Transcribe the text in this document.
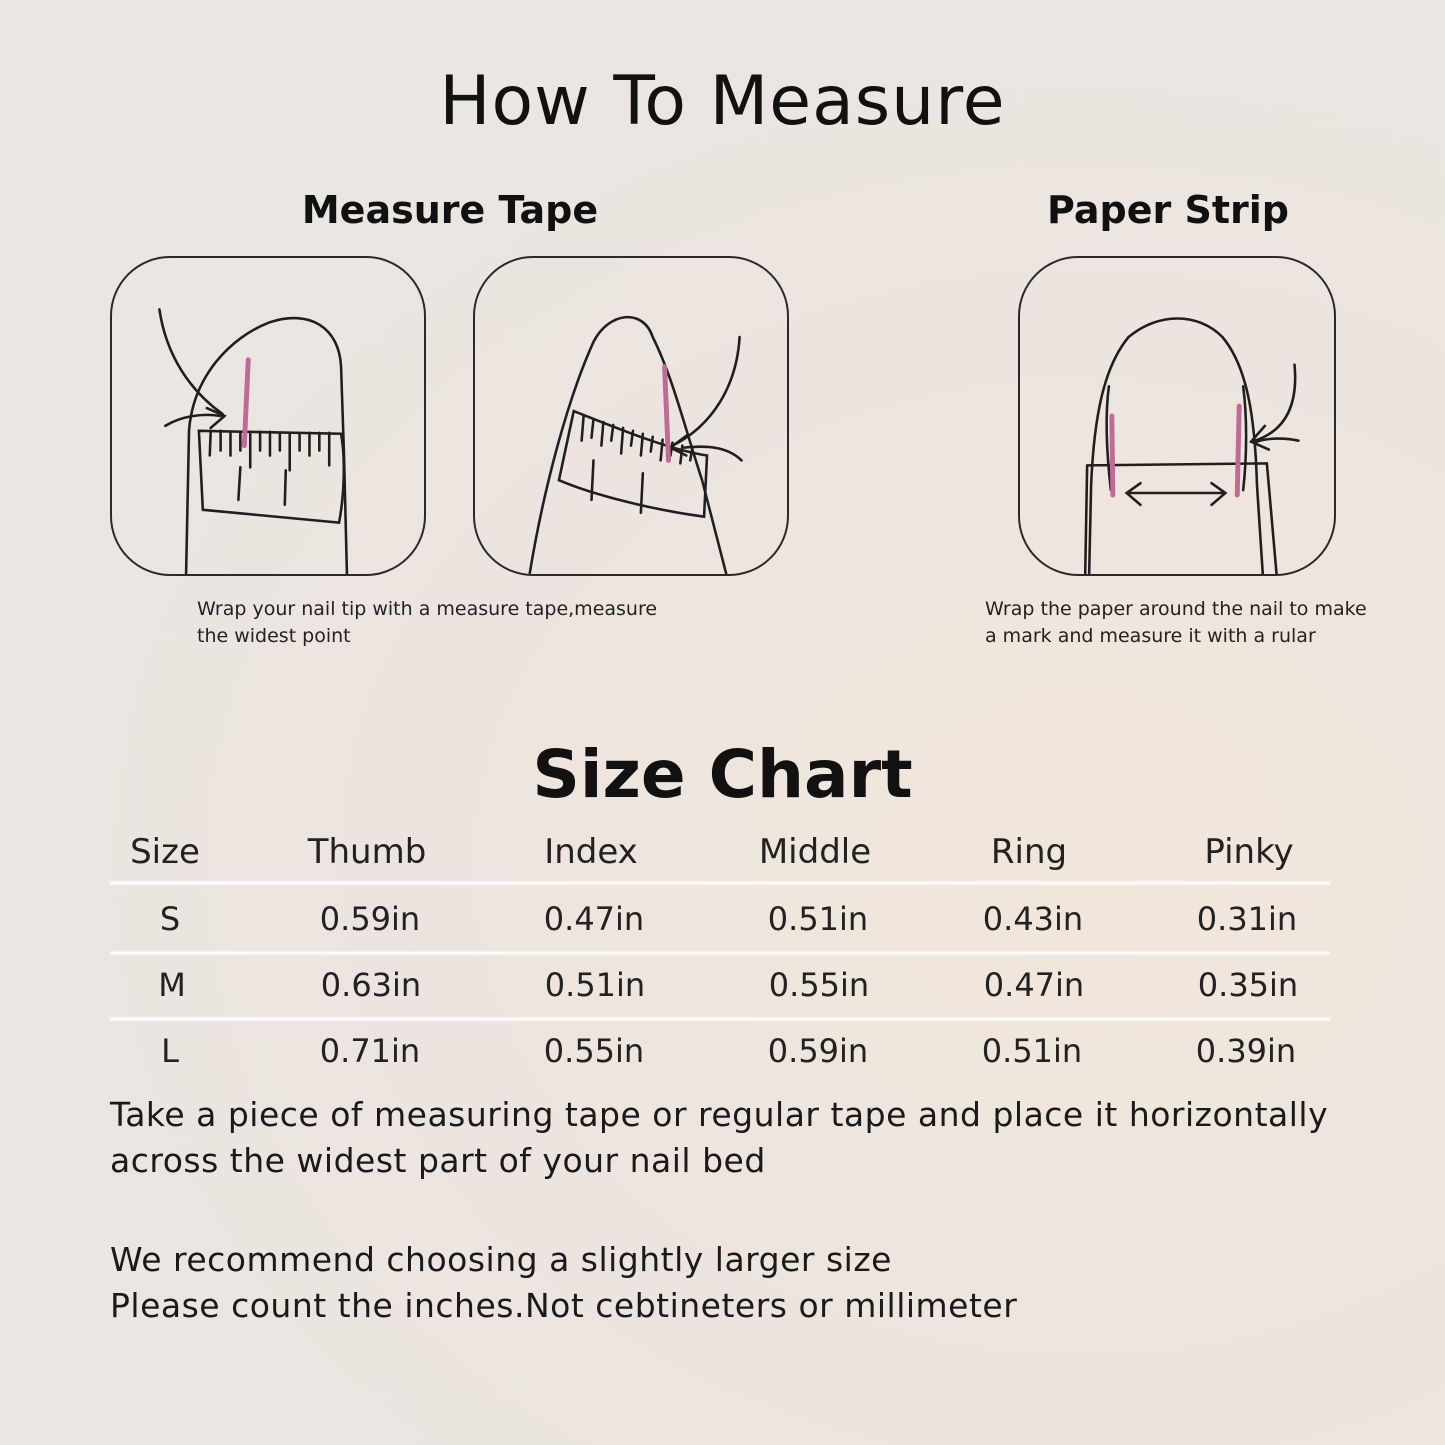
How To Measure
Measure Tape	Paper Strip
Wrap your nail tip with a measure tape,measure
the widest point
Wrap the paper around the nail to make
a mark and measure it with a rular
Size Chart
Size	Thumb	Index	Middle	Ring	Pinky
S	0.59in	0.47in	0.51in	0.43in	0.31in
M	0.63in	0.51in	0.55in	0.47in	0.35in
L	0.71in	0.55in	0.59in	0.51in	0.39in
Take a piece of measuring tape or regular tape and place it horizontally
across the widest part of your nail bed
We recommend choosing a slightly larger size
Please count the inches.Not cebtineters or millimeter
